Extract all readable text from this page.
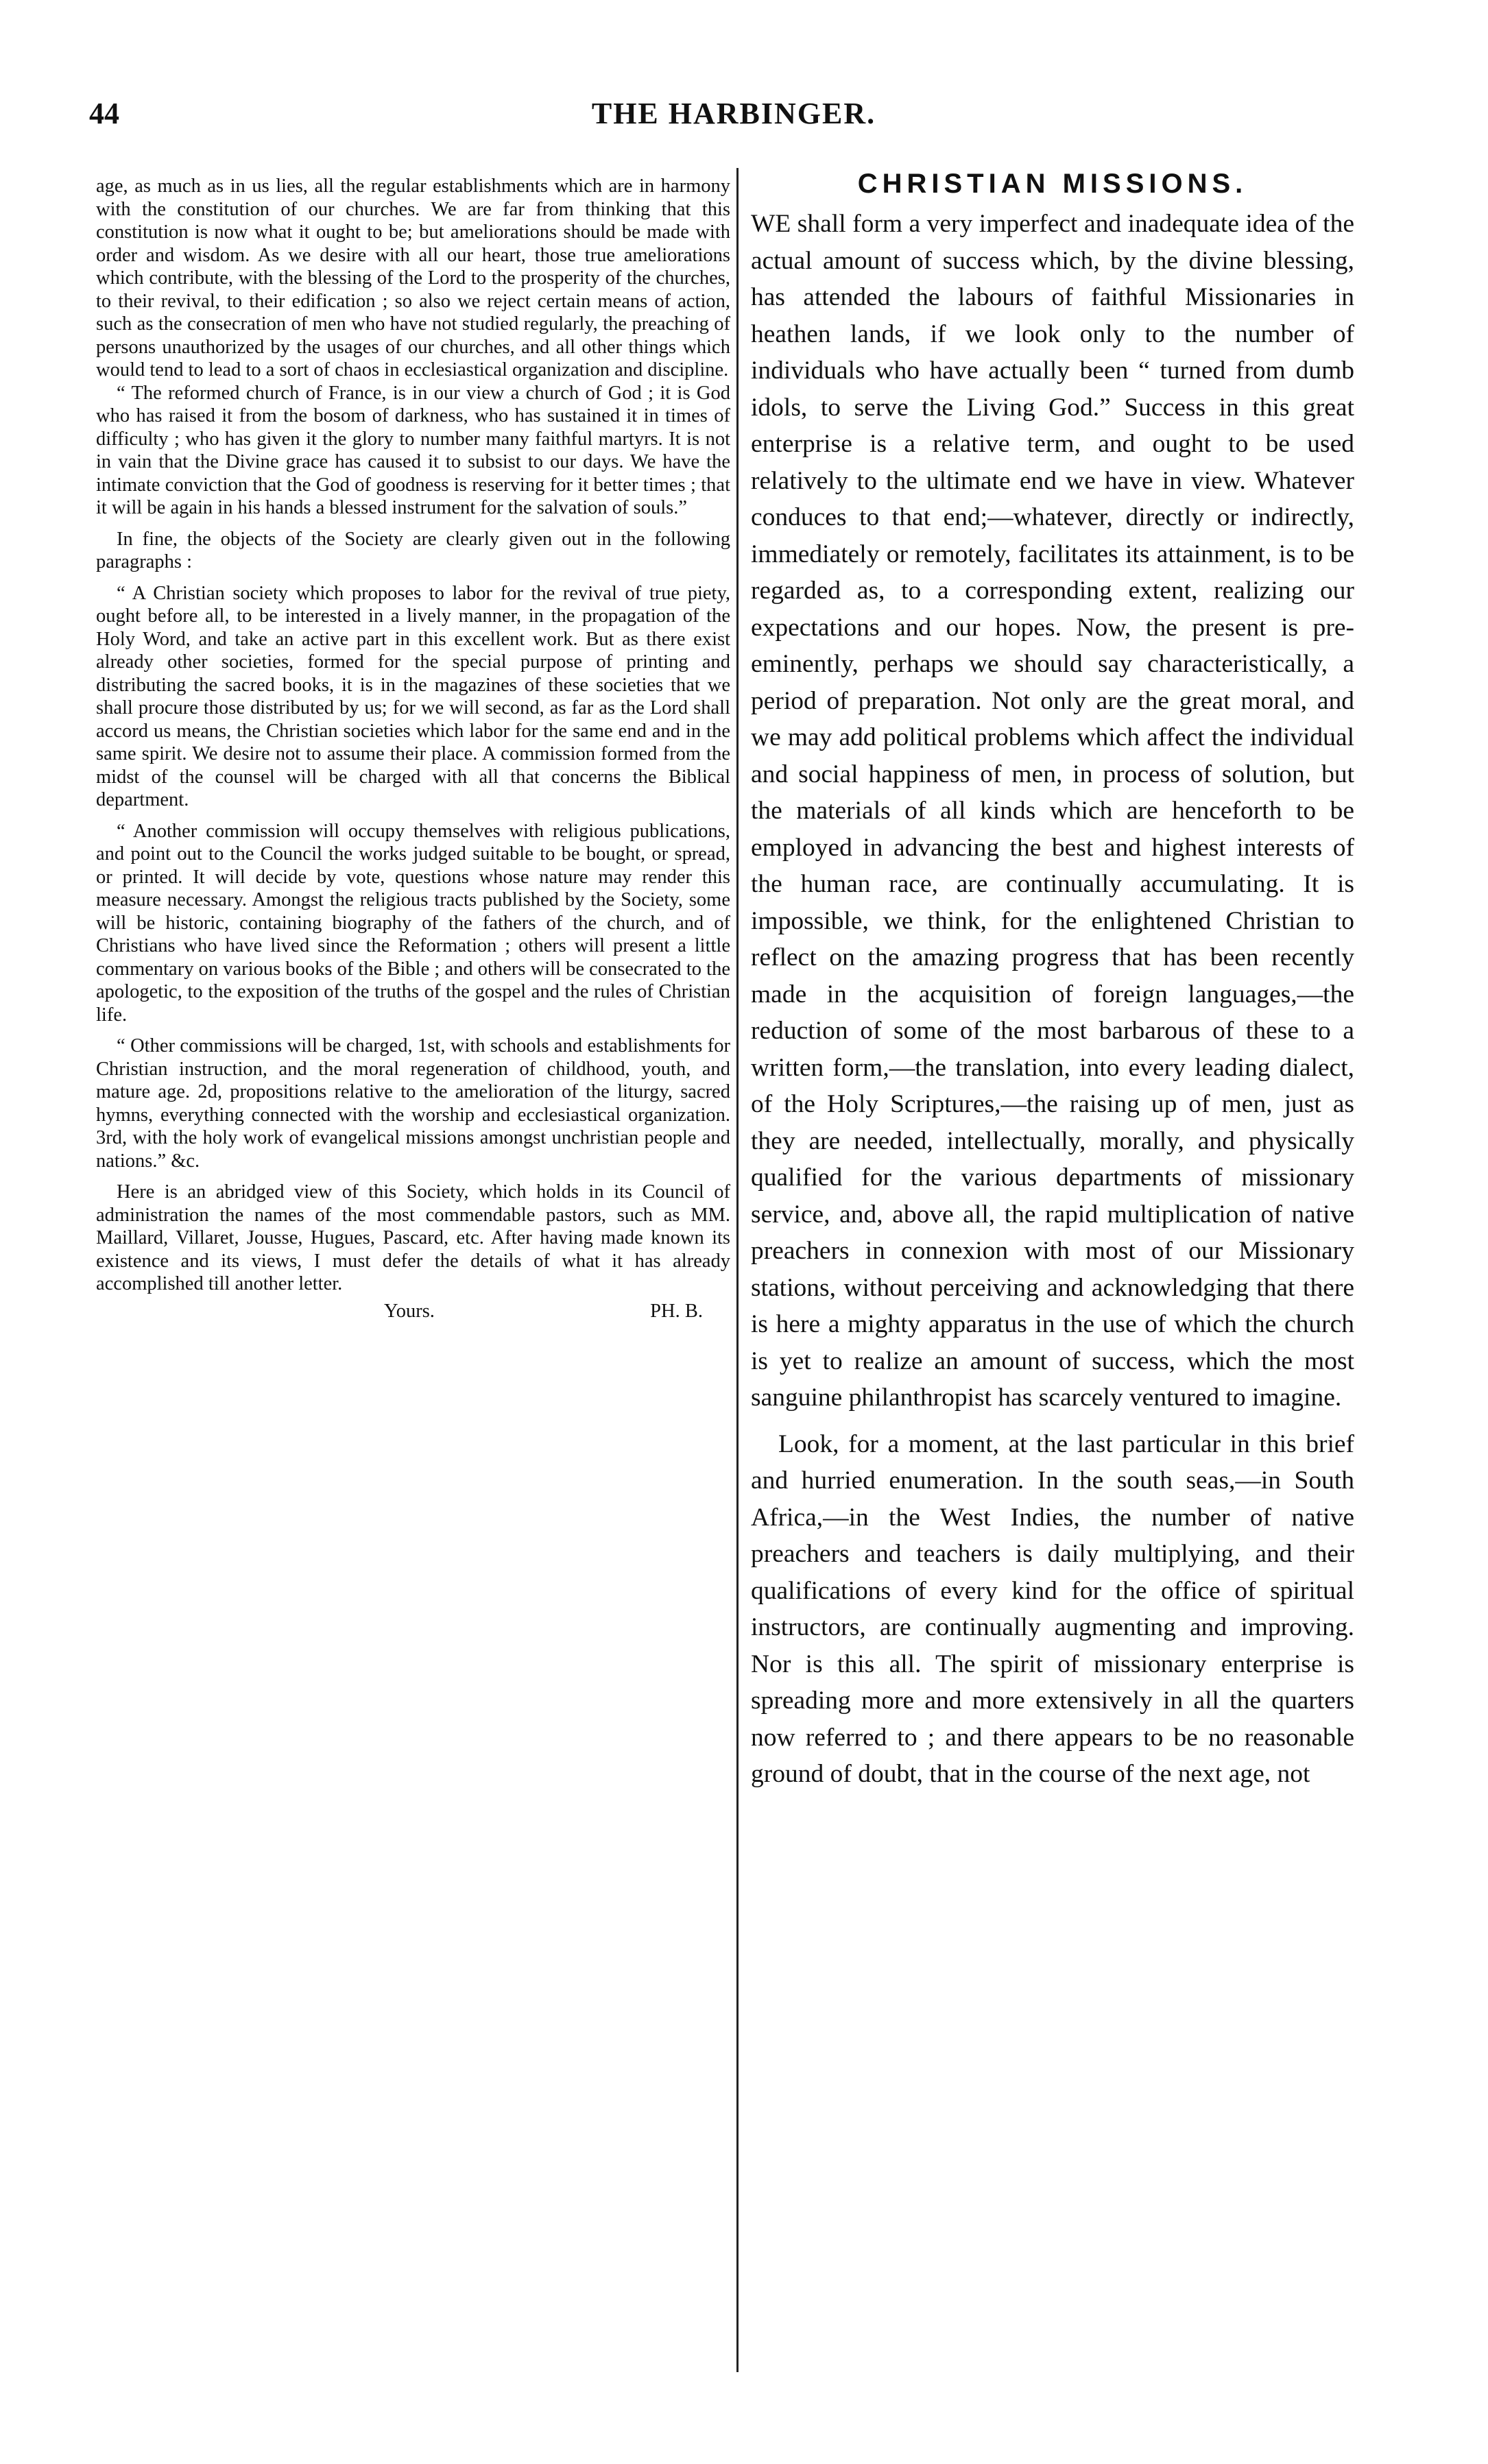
44	THE HARBINGER.

age, as much as in us lies, all the regular establishments which are in harmony with the constitution of our churches. We are far from thinking that this constitution is now what it ought to be; but ameliorations should be made with order and wisdom. As we desire with all our heart, those true ameliorations which contribute, with the blessing of the Lord to the prosperity of the churches, to their revival, to their edification ; so also we reject certain means of action, such as the consecration of men who have not studied regularly, the preaching of persons unauthorized by the usages of our churches, and all other things which would tend to lead to a sort of chaos in ecclesiastical organization and discipline.

“ The reformed church of France, is in our view a church of God ; it is God who has raised it from the bosom of darkness, who has sustained it in times of difficulty ; who has given it the glory to number many faithful martyrs. It is not in vain that the Divine grace has caused it to subsist to our days. We have the intimate conviction that the God of goodness is reserving for it better times ; that it will be again in his hands a blessed instrument for the salvation of souls.”

In fine, the objects of the Society are clearly given out in the following paragraphs :

“ A Christian society which proposes to labor for the revival of true piety, ought before all, to be interested in a lively manner, in the propagation of the Holy Word, and take an active part in this excellent work. But as there exist already other societies, formed for the special purpose of printing and distributing the sacred books, it is in the magazines of these societies that we shall procure those distributed by us; for we will second, as far as the Lord shall accord us means, the Christian societies which labor for the same end and in the same spirit. We desire not to assume their place. A commission formed from the midst of the counsel will be charged with all that concerns the Biblical department.

“ Another commission will occupy themselves with religious publications, and point out to the Council the works judged suitable to be bought, or spread, or printed. It will decide by vote, questions whose nature may render this measure necessary. Amongst the religious tracts published by the Society, some will be historic, containing biography of the fathers of the church, and of Christians who have lived since the Reformation ; others will present a little commentary on various books of the Bible ; and others will be consecrated to the apologetic, to the exposition of the truths of the gospel and the rules of Christian life.

“ Other commissions will be charged, 1st, with schools and establishments for Christian instruction, and the moral regeneration of childhood, youth, and mature age. 2d, propositions relative to the amelioration of the liturgy, sacred hymns, everything connected with the worship and ecclesiastical organization. 3rd, with the holy work of evangelical missions amongst unchristian people and nations.” &c.

Here is an abridged view of this Society, which holds in its Council of administration the names of the most commendable pastors, such as MM. Maillard, Villaret, Jousse, Hugues, Pascard, etc. After having made known its existence and its views, I must defer the details of what it has already accomplished till another letter.

Yours.	PH. B.
CHRISTIAN MISSIONS.

WE shall form a very imperfect and inadequate idea of the actual amount of success which, by the divine blessing, has attended the labours of faithful Missionaries in heathen lands, if we look only to the number of individuals who have actually been “ turned from dumb idols, to serve the Living God.” Success in this great enterprise is a relative term, and ought to be used relatively to the ultimate end we have in view. Whatever conduces to that end;—whatever, directly or indirectly, immediately or remotely, facilitates its attainment, is to be regarded as, to a corresponding extent, realizing our expectations and our hopes. Now, the present is pre-eminently, perhaps we should say characteristically, a period of preparation. Not only are the great moral, and we may add political problems which affect the individual and social happiness of men, in process of solution, but the materials of all kinds which are henceforth to be employed in advancing the best and highest interests of the human race, are continually accumulating. It is impossible, we think, for the enlightened Christian to reflect on the amazing progress that has been recently made in the acquisition of foreign languages,—the reduction of some of the most barbarous of these to a written form,—the translation, into every leading dialect, of the Holy Scriptures,—the raising up of men, just as they are needed, intellectually, morally, and physically qualified for the various departments of missionary service, and, above all, the rapid multiplication of native preachers in connexion with most of our Missionary stations, without perceiving and acknowledging that there is here a mighty apparatus in the use of which the church is yet to realize an amount of success, which the most sanguine philanthropist has scarcely ventured to imagine.

Look, for a moment, at the last particular in this brief and hurried enumeration. In the south seas,—in South Africa,—in the West Indies, the number of native preachers and teachers is daily multiplying, and their qualifications of every kind for the office of spiritual instructors, are continually augmenting and improving. Nor is this all. The spirit of missionary enterprise is spreading more and more extensively in all the quarters now referred to ; and there appears to be no reasonable ground of doubt, that in the course of the next age, not
